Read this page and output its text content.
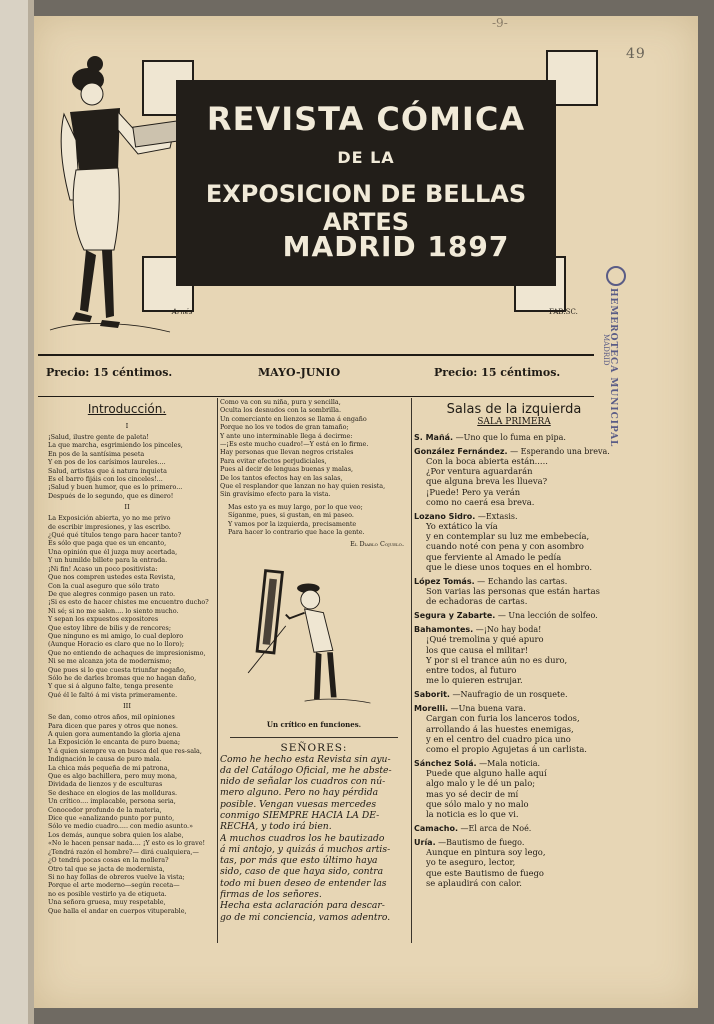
-9-
49
REVISTA CÓMICA
DE LA
EXPOSICION DE BELLAS ARTES
MADRID 1897
Arnés	FAB.SC.	HEMEROTECA MUNICIPAL
MADRID
Precio: 15 céntimos.	MAYO-JUNIO	Precio: 15 céntimos.
Introducción.
I

¡Salud, ilustre gente de paleta!

La que marcha, esgrimiendo los pinceles,

En pos de la santísima peseta

Y en pos de los carísimos laureles....

Salud, artistas que á natura inquieta

Es el barro fijáis con los cinceles!...

¡Salud y buen humor, que es lo primero...

Después de lo segundo, que es dinero!

II

La Exposición abierta, yo no me privo

de escribir impresiones, y las escribo.

¿Qué qué títulos tengo para hacer tanto?

Es sólo que paga que es un encanto,

Una opinión que él juzga muy acertada,

Y un humilde billete para la entrada.

¡Ni fin! Acaso un poco positivista:

Que nos compren ustedes esta Revista,

Con la cual aseguro que sólo trato

De que alegres conmigo pasen un rato.

¡Si es esto de hacer chistes me encuentro ducho?

Ni sé; si no me salen.... lo siento mucho.

Y sepan los expuestos expositores

Que estoy libre de bilis y de rencores;

Que ninguno es mi amigo, lo cual deploro

(Aunque Horacio es claro que no lo lloro);

Que no entiendo de achaques de impresionismo,

Ni se me alcanza jota de modernismo;

Que pues si lo que cuesta triunfar negaño,

Sólo he de darles bromas que no hagan daño,

Y que si á alguno falte, tenga presente

Qué él le faltó á mi vista primeramente.

III

Se dan, como otros años, mil opiniones

Para dicen que pares y otros que nones.

A quien gora aumentando la gloria ajena

La Exposición le encanta de puro buena;

Y á quien siempre va en busca del que res-sala,

Indignación le causa de puro mala.

La chica más pequeña de mi patrona,

Que es algo bachillera, pero muy mona,

Dividada de lienzos y de esculturas

Se deshace en elogios de las mollduras.

Un crítico.... implacable, persona seria,

Conocedor profundo de la materia,

Dice que «analizando punto por punto,

Sólo ve medio cuadro..... con medio asunto.»

Los demás, aunque sobra quien los alabe,

«No le hacen pensar nada.... ¡Y esto es lo grave!

¿Tendrá razón el hombre?— dirá cualquiera,—

¿O tendrá pocas cosas en la mollera?

Otro tal que se jacta de modernista,

Si no hay follas de obreros vuelve la vista;

Porque el arte moderno—según receta—

no es posible vestirlo ya de etiqueta.

Una señora gruesa, muy respetable,

Que halla el andar en cuerpos vituperable,

Como va con su niña, pura y sencilla,

Oculta los desnudos con la sombrilla.

Un comerciante en lienzos se llama á engaño

Porque no los ve todos de gran tamaño;

Y ante uno interminable llega á decirme:

—¡Es este mucho cuadro!—Y está en lo firme.

Hay personas que llevan negros cristales

Para evitar efectos perjudiciales,

Pues al decir de lenguas buenas y malas,

De los tantos efectos hay en las salas,

Que el resplandor que lanzan no hay quien resista,

Sin gravísimo efecto para la vista.

Mas esto ya es muy largo, por lo que veo;

Síganme, pues, si gustan, en mi paseo.

Y vamos por la izquierda, precisamente

Para hacer lo contrario que hace la gente.

El Diablo Cojuelo.

Un crítico en funciones.

SEÑORES:

Como he hecho esta Revista sin ayu-

da del Catálogo Oficial, me he abste-

nido de señalar los cuadros con nú-

mero alguno. Pero no hay pérdida

posible. Vengan vuesas mercedes

conmigo SIEMPRE HACIA LA DE-

RECHA, y todo irá bien.

A muchos cuadros los he bautizado

á mi antojo, y quizás á muchos artis-

tas, por más que esto último haya

sido, caso de que haya sido, contra

todo mi buen deseo de entender las

firmas de los señores.

Hecha esta aclaración para descar-

go de mi conciencia, vamos adentro.

Salas de la izquierda
SALA PRIMERA

S. Mañá. —Uno que lo fuma en pipa.

González Fernández. — Esperando una breva.

Con la boca abierta están.....

¿Por ventura aguardarán

que alguna breva les llueva?

¡Puede! Pero ya verán

como no caerá esa breva.

Lozano Sidro. —Extasis.

Yo extático la vía

y en contemplar su luz me embebecía,

cuando noté con pena y con asombro

que ferviente al Amado le pedía

que le diese unos toques en el hombro.

López Tomás. — Echando las cartas.

Son varias las personas que están hartas

de echadoras de cartas.

Segura y Zabarte. — Una lección de solfeo.

Bahamontes. —¡No hay boda!

¡Qué tremolina y qué apuro

los que causa el militar!

Y por si el trance aún no es duro,

entre todos, al futuro

me lo quieren estrujar.

Saborit. —Naufragio de un rosquete.

Morelli. —Una buena vara.

Cargan con furia los lanceros todos,

arrollando á las huestes enemigas,

y en el centro del cuadro pica uno

como el propio Agujetas á un carlista.

Sánchez Solá. —Mala noticia.

Puede que alguno halle aquí

algo malo y le dé un palo;

mas yo sé decir de mí

que sólo malo y no malo

la noticia es lo que vi.

Camacho. —El arca de Noé.

Uría. —Bautismo de fuego.

Aunque en pintura soy lego,

yo te aseguro, lector,

que este Bautismo de fuego

se aplaudirá con calor.
